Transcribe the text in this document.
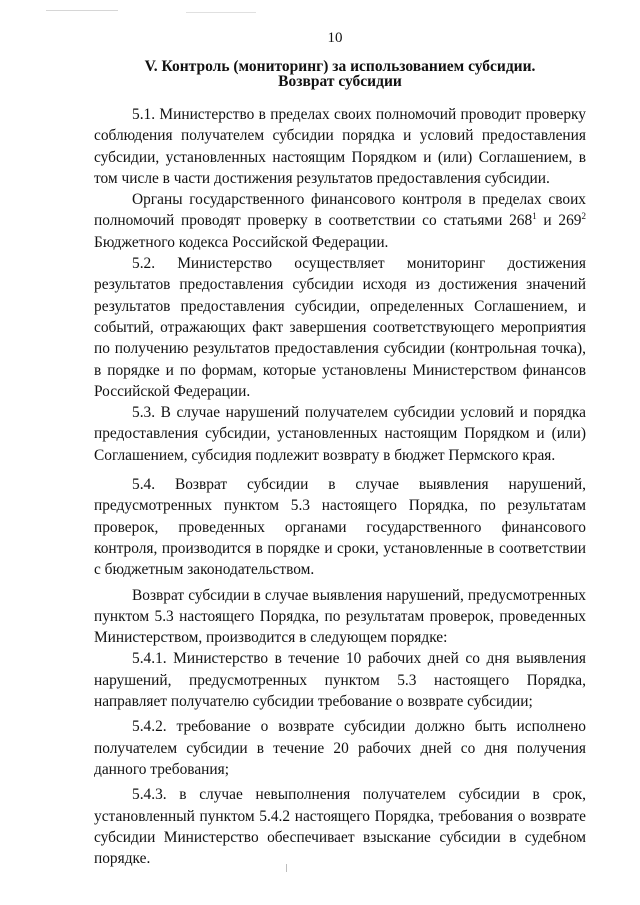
10
V. Контроль (мониторинг) за использованием субсидии.
Возврат субсидии

5.1. Министерство в пределах своих полномочий проводит проверку соблюдения получателем субсидии порядка и условий предоставления субсидии, установленных настоящим Порядком и (или) Соглашением, в том числе в части достижения результатов предоставления субсидии.

Органы государственного финансового контроля в пределах своих полномочий проводят проверку в соответствии со статьями $268^1$ и $269^2$ Бюджетного кодекса Российской Федерации.

5.2. Министерство осуществляет мониторинг достижения результатов предоставления субсидии исходя из достижения значений результатов предоставления субсидии, определенных Соглашением, и событий, отражающих факт завершения соответствующего мероприятия по получению результатов предоставления субсидии (контрольная точка), в порядке и по формам, которые установлены Министерством финансов Российской Федерации.

5.3. В случае нарушений получателем субсидии условий и порядка предоставления субсидии, установленных настоящим Порядком и (или) Соглашением, субсидия подлежит возврату в бюджет Пермского края.

5.4. Возврат субсидии в случае выявления нарушений, предусмотренных пунктом 5.3 настоящего Порядка, по результатам проверок, проведенных органами государственного финансового контроля, производится в порядке и сроки, установленные в соответствии с бюджетным законодательством.

Возврат субсидии в случае выявления нарушений, предусмотренных пунктом 5.3 настоящего Порядка, по результатам проверок, проведенных Министерством, производится в следующем порядке:

5.4.1. Министерство в течение 10 рабочих дней со дня выявления нарушений, предусмотренных пунктом 5.3 настоящего Порядка, направляет получателю субсидии требование о возврате субсидии;

5.4.2. требование о возврате субсидии должно быть исполнено получателем субсидии в течение 20 рабочих дней со дня получения данного требования;

5.4.3. в случае невыполнения получателем субсидии в срок, установленный пунктом 5.4.2 настоящего Порядка, требования о возврате субсидии Министерство обеспечивает взыскание субсидии в судебном порядке.
